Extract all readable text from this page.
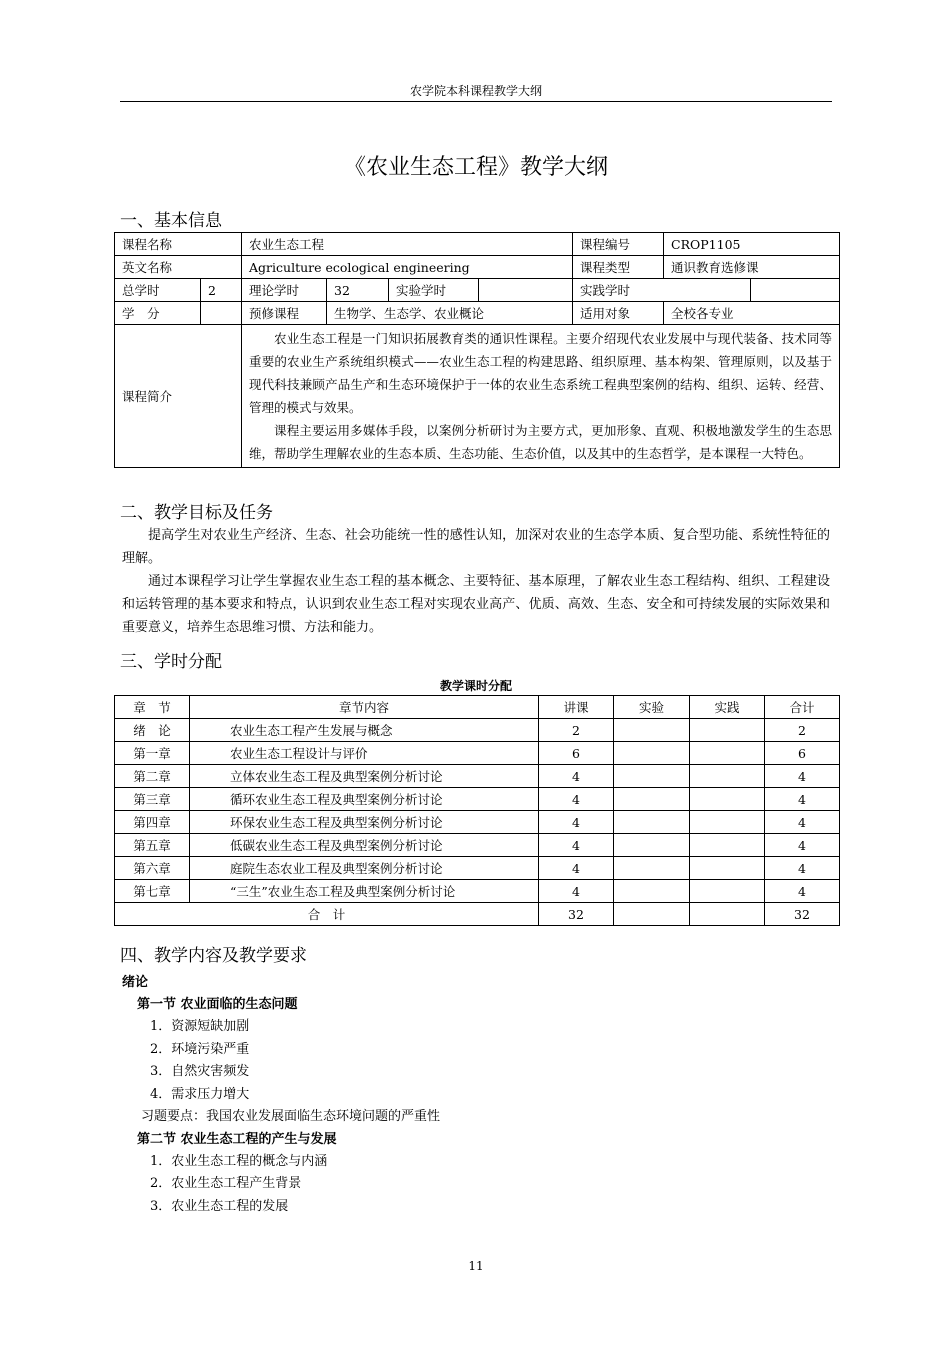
农学院本科课程教学大纲
《农业生态工程》教学大纲
一、基本信息
课程名称		农业生态工程				课程编号	CROP1105	
英文名称		Agriculture ecological engineering				课程类型	通识教育选修课	
总学时	2	理论学时	32	实验学时		实践学时		
学　分		预修课程	生物学、生态学、农业概论			适用对象	全校各专业	
课程简介		农业生态工程是一门知识拓展教育类的通识性课程。主要介绍现代农业发展中与现代装备、技术同等重要的农业生产系统组织模式——农业生态工程的构建思路、组织原理、基本构架、管理原则，以及基于现代科技兼顾产品生产和生态环境保护于一体的农业生态系统工程典型案例的结构、组织、运转、经营、管理的模式与效果。

课程主要运用多媒体手段，以案例分析研讨为主要方式，更加形象、直观、积极地激发学生的生态思维，帮助学生理解农业的生态本质、生态功能、生态价值，以及其中的生态哲学，是本课程一大特色。						

二、教学目标及任务

提高学生对农业生产经济、生态、社会功能统一性的感性认知，加深对农业的生态学本质、复合型功能、系统性特征的理解。

通过本课程学习让学生掌握农业生态工程的基本概念、主要特征、基本原理，了解农业生态工程结构、组织、工程建设和运转管理的基本要求和特点，认识到农业生态工程对实现农业高产、优质、高效、生态、安全和可持续发展的实际效果和重要意义，培养生态思维习惯、方法和能力。

三、学时分配
教学课时分配
章　节	章节内容	讲课	实验	实践	合计
绪　论	农业生态工程产生发展与概念	2			2
第一章	农业生态工程设计与评价	6			6
第二章	立体农业生态工程及典型案例分析讨论	4			4
第三章	循环农业生态工程及典型案例分析讨论	4			4
第四章	环保农业生态工程及典型案例分析讨论	4			4
第五章	低碳农业生态工程及典型案例分析讨论	4			4
第六章	庭院生态农业工程及典型案例分析讨论	4			4
第七章	“三生”农业生态工程及典型案例分析讨论	4			4
合　计		32			32
四、教学内容及教学要求
绪论
第一节 农业面临的生态问题
1．资源短缺加剧
2．环境污染严重
3．自然灾害频发
4．需求压力增大
习题要点：我国农业发展面临生态环境问题的严重性
第二节 农业生态工程的产生与发展
1．农业生态工程的概念与内涵
2．农业生态工程产生背景
3．农业生态工程的发展
11
